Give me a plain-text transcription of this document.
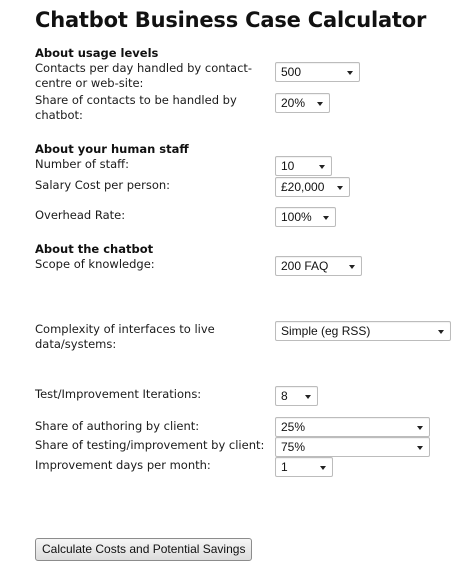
Chatbot Business Case Calculator
About usage levels
Contacts per day handled by contact-
centre or web-site:
500
Share of contacts to be handled by
chatbot:
20%
About your human staff
Number of staff:	10
Salary Cost per person:	£20,000
Overhead Rate:	100%
About the chatbot
Scope of knowledge:	200 FAQ
Complexity of interfaces to live
data/systems:
Simple (eg RSS)
Test/Improvement Iterations:	8
Share of authoring by client:	25%
Share of testing/improvement by client: 75%
Improvement days per month:	1
Calculate Costs and Potential Savings
